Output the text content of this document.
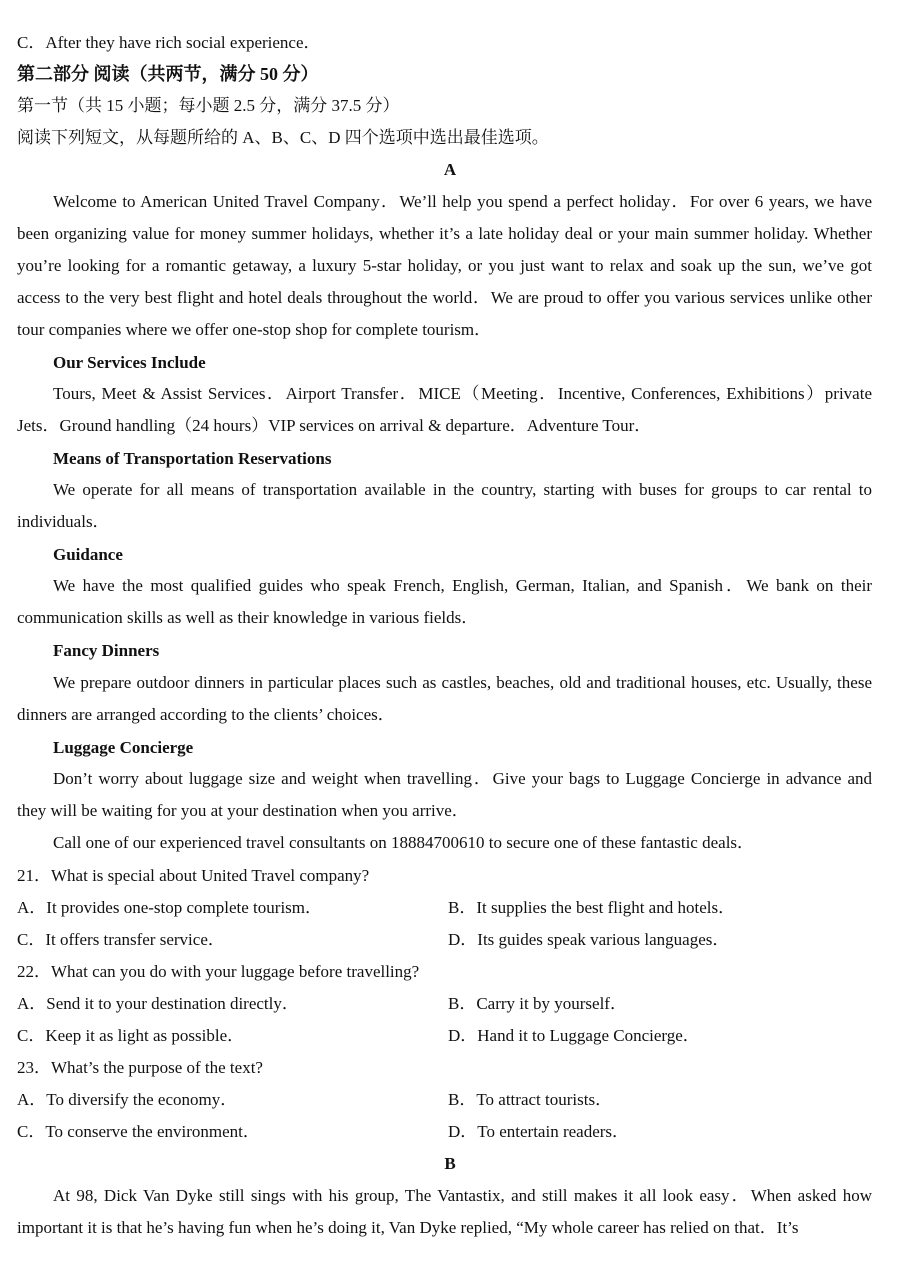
C．After they have rich social experience．
第二部分 阅读（共两节，满分 50 分）
第一节（共 15 小题；每小题 2.5 分，满分 37.5 分）
阅读下列短文，从每题所给的 A、B、C、D 四个选项中选出最佳选项。
A

Welcome to American United Travel Company．We’ll help you spend a perfect holiday．For over 6 years, we have been organizing value for money summer holidays, whether it’s a late holiday deal or your main summer holiday. Whether you’re looking for a romantic getaway, a luxury 5-star holiday, or you just want to relax and soak up the sun, we’ve got access to the very best flight and hotel deals throughout the world．We are proud to offer you various services unlike other tour companies where we offer one-stop shop for complete tourism．

Our Services Include

Tours, Meet & Assist Services．Airport Transfer．MICE（Meeting．Incentive, Conferences, Exhibitions）private Jets．Ground handling（24 hours）VIP services on arrival & departure．Adventure Tour．

Means of Transportation Reservations

We operate for all means of transportation available in the country, starting with buses for groups to car rental to individuals．

Guidance

We have the most qualified guides who speak French, English, German, Italian, and Spanish．We bank on their communication skills as well as their knowledge in various fields．

Fancy Dinners

We prepare outdoor dinners in particular places such as castles, beaches, old and traditional houses, etc. Usually, these dinners are arranged according to the clients’ choices．

Luggage Concierge

Don’t worry about luggage size and weight when travelling．Give your bags to Luggage Concierge in advance and they will be waiting for you at your destination when you arrive．

Call one of our experienced travel consultants on 18884700610 to secure one of these fantastic deals．

21．What is special about United Travel company?
A．It provides one-stop complete tourism．	B．It supplies the best flight and hotels．
C．It offers transfer service．	D．Its guides speak various languages．
22．What can you do with your luggage before travelling?
A．Send it to your destination directly．	B．Carry it by yourself．
C．Keep it as light as possible．	D．Hand it to Luggage Concierge．
23．What’s the purpose of the text?
A．To diversify the economy．	B．To attract tourists．
C．To conserve the environment．	D．To entertain readers．
B

At 98, Dick Van Dyke still sings with his group, The Vantastix, and still makes it all look easy．When asked how important it is that he’s having fun when he’s doing it, Van Dyke replied, “My whole career has relied on that．It’s
